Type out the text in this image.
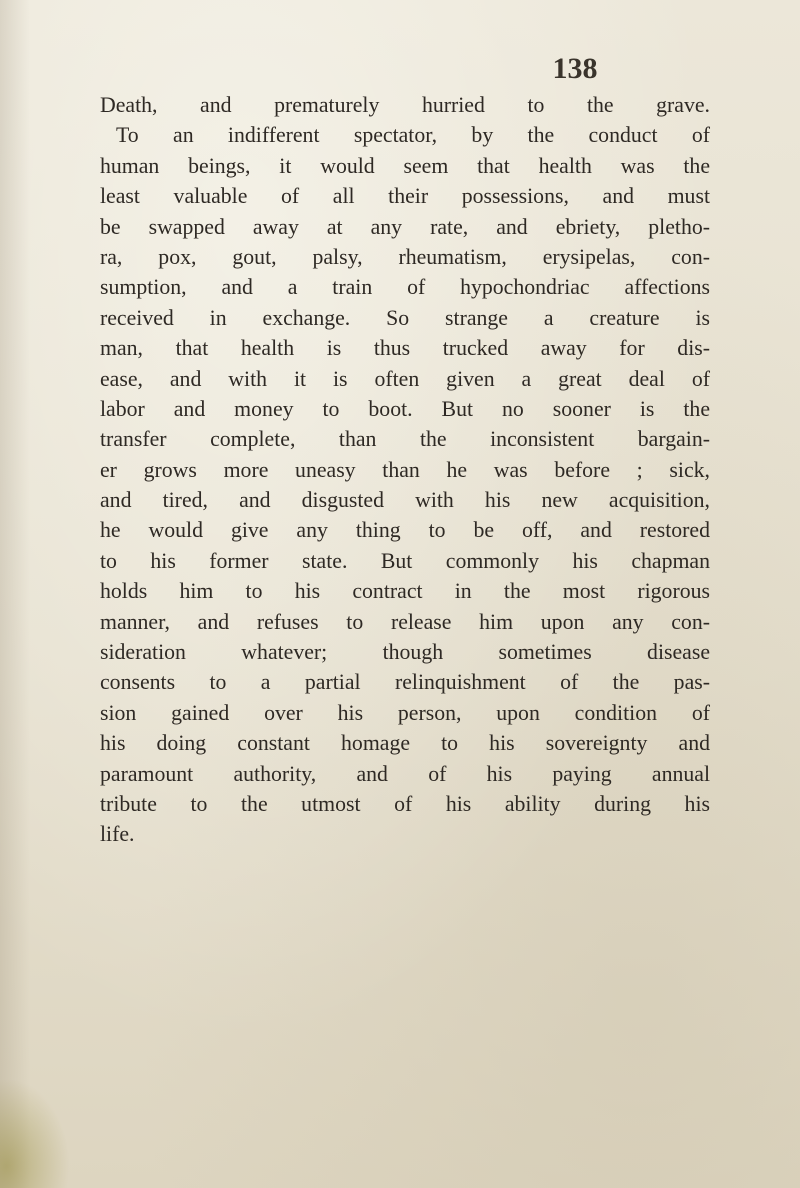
138
Death, and prematurely hurried to the grave.
To an indifferent spectator, by the conduct of
human beings, it would seem that health was the
least valuable of all their possessions, and must
be swapped away at any rate, and ebriety, pletho-
ra, pox, gout, palsy, rheumatism, erysipelas, con-
sumption, and a train of hypochondriac affections
received in exchange. So strange a creature is
man, that health is thus trucked away for dis-
ease, and with it is often given a great deal of
labor and money to boot. But no sooner is the
transfer complete, than the inconsistent bargain-
er grows more uneasy than he was before ; sick,
and tired, and disgusted with his new acquisition,
he would give any thing to be off, and restored
to his former state. But commonly his chapman
holds him to his contract in the most rigorous
manner, and refuses to release him upon any con-
sideration whatever; though sometimes disease
consents to a partial relinquishment of the pas-
sion gained over his person, upon condition of
his doing constant homage to his sovereignty and
paramount authority, and of his paying annual
tribute to the utmost of his ability during his
life.
